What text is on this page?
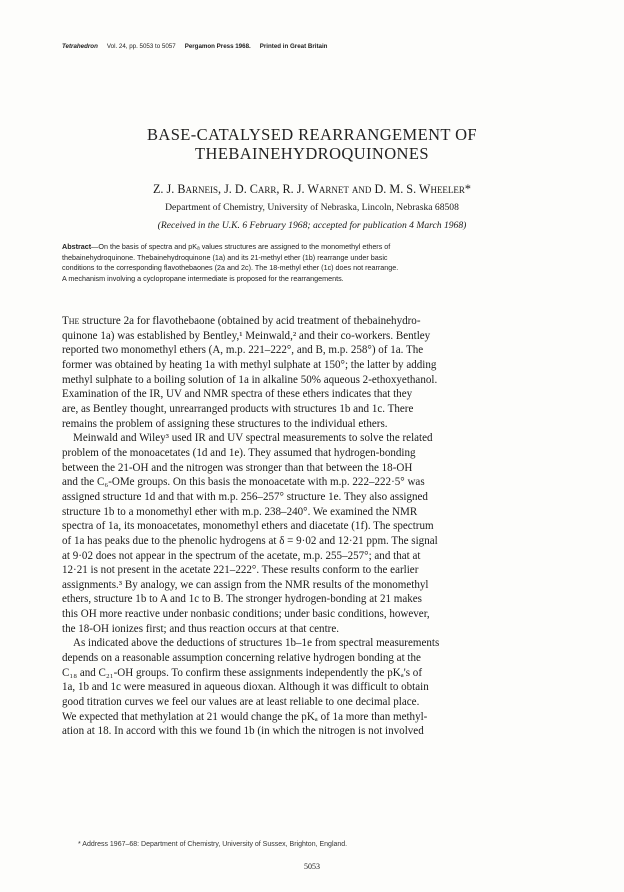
Tetrahedron Vol. 24, pp. 5053 to 5057 Pergamon Press 1968. Printed in Great Britain
BASE-CATALYSED REARRANGEMENT OF
THEBAINEHYDROQUINONES
Z. J. Barneis, J. D. Carr, R. J. Warnet and D. M. S. Wheeler*
Department of Chemistry, University of Nebraska, Lincoln, Nebraska 68508
(Received in the U.K. 6 February 1968; accepted for publication 4 March 1968)
Abstract—On the basis of spectra and pKₐ values structures are assigned to the monomethyl ethers of
thebainehydroquinone. Thebainehydroquinone (1a) and its 21-methyl ether (1b) rearrange under basic
conditions to the corresponding flavothebaones (2a and 2c). The 18-methyl ether (1c) does not rearrange.
A mechanism involving a cyclopropane intermediate is proposed for the rearrangements.
The structure 2a for flavothebaone (obtained by acid treatment of thebainehydro-
quinone 1a) was established by Bentley,¹ Meinwald,² and their co-workers. Bentley
reported two monomethyl ethers (A, m.p. 221–222°, and B, m.p. 258°) of 1a. The
former was obtained by heating 1a with methyl sulphate at 150°; the latter by adding
methyl sulphate to a boiling solution of 1a in alkaline 50% aqueous 2-ethoxyethanol.
Examination of the IR, UV and NMR spectra of these ethers indicates that they
are, as Bentley thought, unrearranged products with structures 1b and 1c. There
remains the problem of assigning these structures to the individual ethers.
Meinwald and Wiley³ used IR and UV spectral measurements to solve the related
problem of the monoacetates (1d and 1e). They assumed that hydrogen-bonding
between the 21-OH and the nitrogen was stronger than that between the 18-OH
and the C₆-OMe groups. On this basis the monoacetate with m.p. 222–222·5° was
assigned structure 1d and that with m.p. 256–257° structure 1e. They also assigned
structure 1b to a monomethyl ether with m.p. 238–240°. We examined the NMR
spectra of 1a, its monoacetates, monomethyl ethers and diacetate (1f). The spectrum
of 1a has peaks due to the phenolic hydrogens at δ = 9·02 and 12·21 ppm. The signal
at 9·02 does not appear in the spectrum of the acetate, m.p. 255–257°; and that at
12·21 is not present in the acetate 221–222°. These results conform to the earlier
assignments.³ By analogy, we can assign from the NMR results of the monomethyl
ethers, structure 1b to A and 1c to B. The stronger hydrogen-bonding at 21 makes
this OH more reactive under nonbasic conditions; under basic conditions, however,
the 18-OH ionizes first; and thus reaction occurs at that centre.
As indicated above the deductions of structures 1b–1e from spectral measurements
depends on a reasonable assumption concerning relative hydrogen bonding at the
C₁₈ and C₂₁-OH groups. To confirm these assignments independently the pKₐ's of
1a, 1b and 1c were measured in aqueous dioxan. Although it was difficult to obtain
good titration curves we feel our values are at least reliable to one decimal place.
We expected that methylation at 21 would change the pKₐ of 1a more than methyl-
ation at 18. In accord with this we found 1b (in which the nitrogen is not involved
* Address 1967–68: Department of Chemistry, University of Sussex, Brighton, England.
5053
